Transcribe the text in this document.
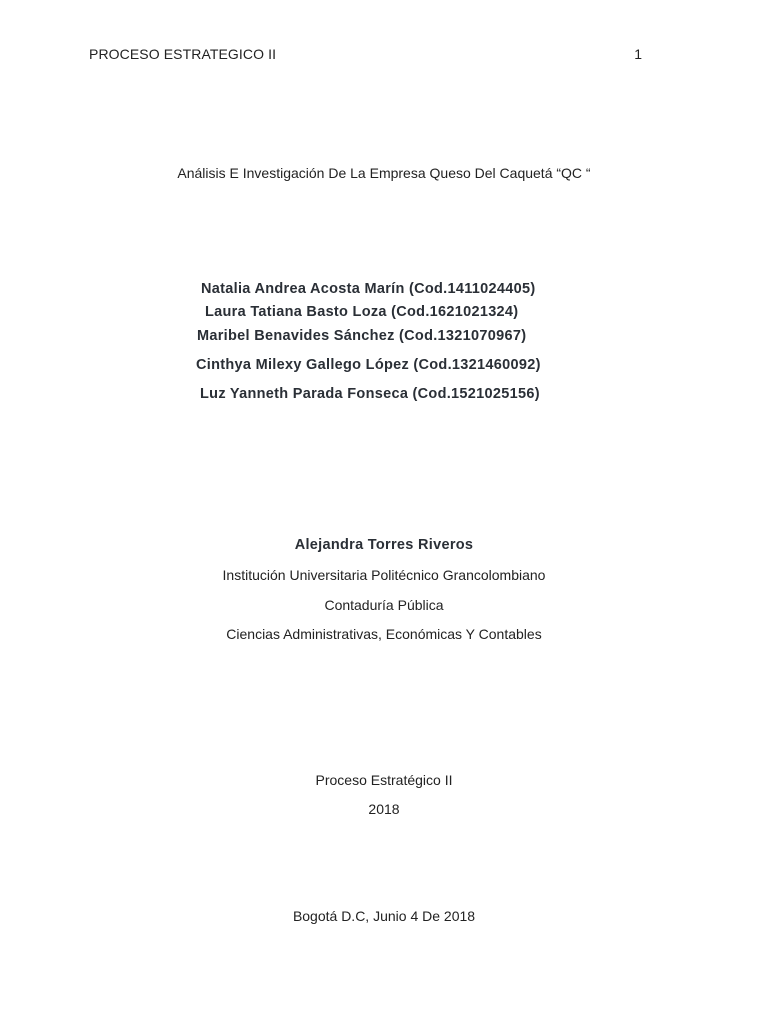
PROCESO ESTRATEGICO II	1
Análisis E Investigación De La Empresa Queso Del Caquetá “QC “
Natalia Andrea Acosta Marín (Cod.1411024405)
Laura Tatiana Basto Loza (Cod.1621021324)
Maribel Benavides Sánchez (Cod.1321070967)
Cinthya Milexy Gallego López (Cod.1321460092)
Luz Yanneth Parada Fonseca (Cod.1521025156)
Alejandra Torres Riveros
Institución Universitaria Politécnico Grancolombiano
Contaduría Pública
Ciencias Administrativas, Económicas Y Contables
Proceso Estratégico II
2018
Bogotá D.C, Junio 4 De 2018
